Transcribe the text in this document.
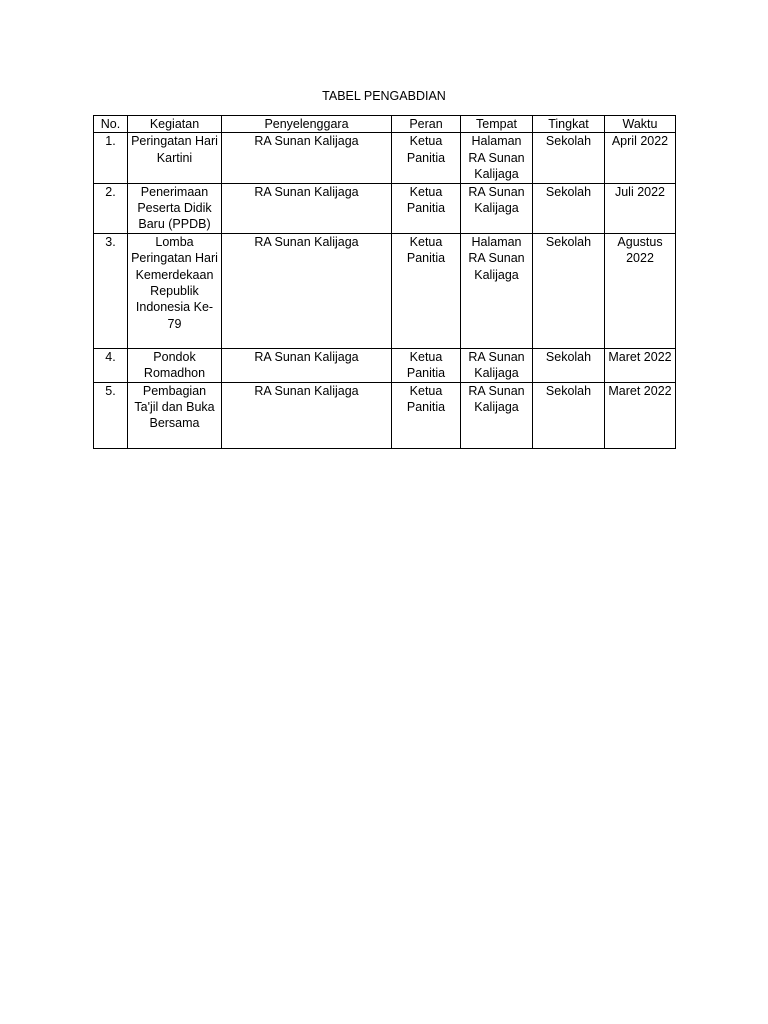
TABEL PENGABDIAN
No.	Kegiatan	Penyelenggara	Peran	Tempat	Tingkat	Waktu
1.	Peringatan Hari Kartini	RA Sunan Kalijaga	Ketua Panitia	Halaman RA Sunan Kalijaga	Sekolah	April 2022
2.	Penerimaan Peserta Didik Baru (PPDB)	RA Sunan Kalijaga	Ketua Panitia	RA Sunan Kalijaga	Sekolah	Juli 2022
3.	Lomba Peringatan Hari Kemerdekaan Republik Indonesia Ke-79	RA Sunan Kalijaga	Ketua Panitia	Halaman RA Sunan Kalijaga	Sekolah	Agustus 2022
4.	Pondok Romadhon	RA Sunan Kalijaga	Ketua Panitia	RA Sunan Kalijaga	Sekolah	Maret 2022
5.	Pembagian Ta'jil dan Buka Bersama	RA Sunan Kalijaga	Ketua Panitia	RA Sunan Kalijaga	Sekolah	Maret 2022
